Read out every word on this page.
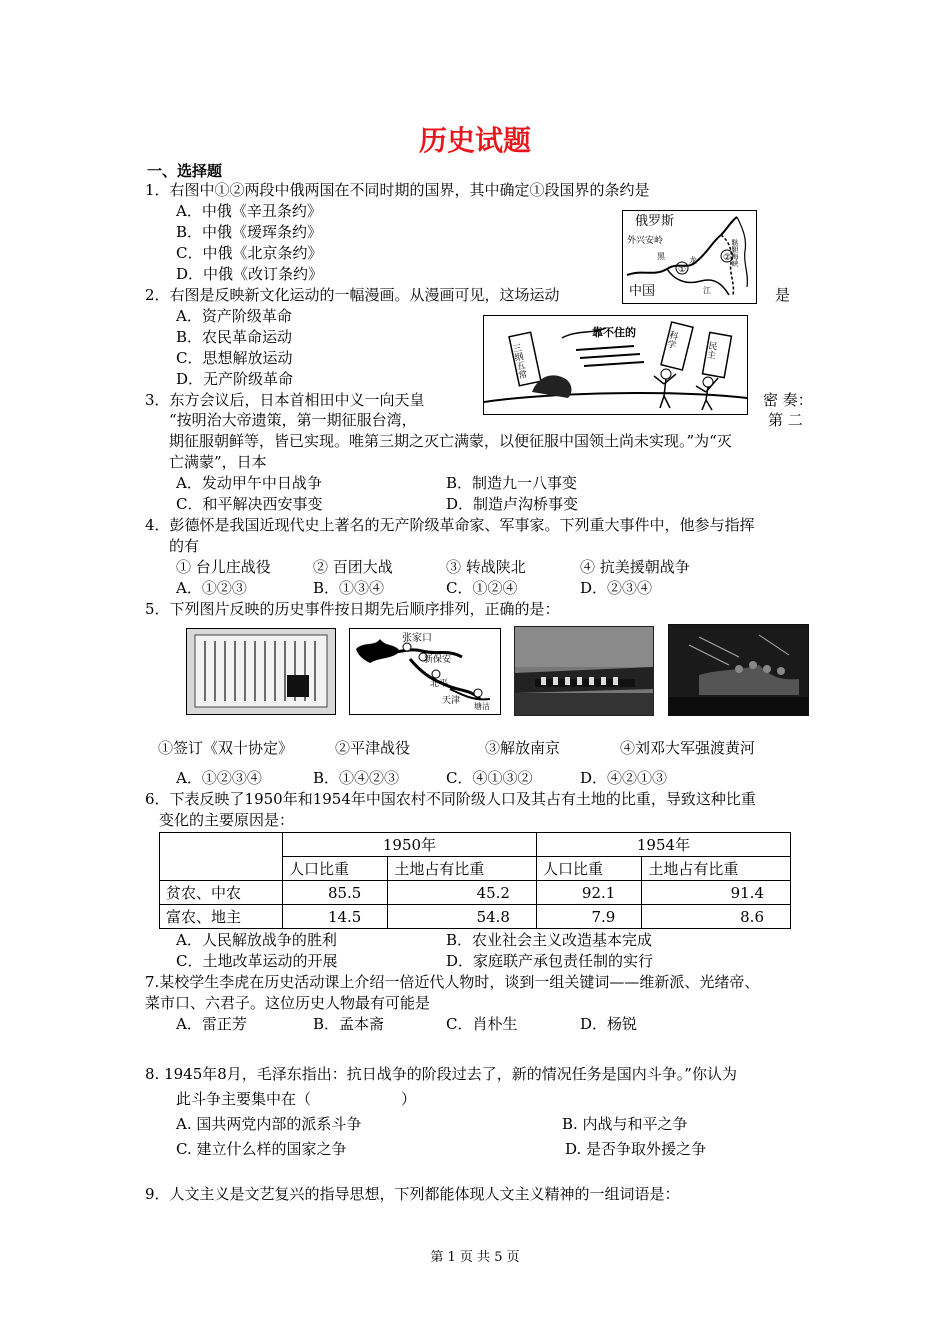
历史试题
一、选择题
1．右图中①②两段中俄两国在不同时期的国界，其中确定①段国界的条约是
A．中俄《辛丑条约》
B．中俄《瑷珲条约》
C．中俄《北京条约》
D．中俄《改订条约》
俄罗斯
外兴安岭
①
②
中国
黑	龙
江
鞑靼海峡
2．右图是反映新文化运动的一幅漫画。从漫画可见，这场运动	是
A．资产阶级革命
B．农民革命运动
C．思想解放运动
D．无产阶级革命	三纲五常
靠不住的	科学
民主
3．东方会议后，日本首相田中义一向天皇	密 奏：
“按明治大帝遗策，第一期征服台湾，	第 二
期征服朝鲜等，皆已实现。唯第三期之灭亡满蒙，以便征服中国领土尚未实现。”为“灭
亡满蒙”，日本
A．发动甲午中日战争	B．制造九一八事变
C．和平解决西安事变	D．制造卢沟桥事变
4．彭德怀是我国近现代史上著名的无产阶级革命家、军事家。下列重大事件中，他参与指挥
的有
① 台儿庄战役	② 百团大战	③ 转战陕北	④ 抗美援朝战争
A．①②③	B．①③④	C．①②④	D．②③④
5．下列图片反映的历史事件按日期先后顺序排列，正确的是：
张家口
新保安
北平
天津
塘沽
①签订《双十协定》	②平津战役	③解放南京	④刘邓大军强渡黄河
A．①②③④	B．①④②③	C．④①③②	D．④②①③
6．下表反映了1950年和1954年中国农村不同阶级人口及其占有土地的比重，导致这种比重
变化的主要原因是：
	1950年		1954年	
	人口比重	土地占有比重	人口比重	土地占有比重
贫农、中农	85.5	45.2	92.1	91.4
富农、地主	14.5	54.8	7.9	8.6
A．人民解放战争的胜利	B．农业社会主义改造基本完成
C．土地改革运动的开展	D．家庭联产承包责任制的实行
7.某校学生李虎在历史活动课上介绍一倍近代人物时，谈到一组关键词——维新派、光绪帝、
菜市口、六君子。这位历史人物最有可能是
A．雷正芳	B．孟本斋	C．肖朴生	D．杨锐
8. 1945年8月，毛泽东指出：抗日战争的阶段过去了，新的情况任务是国内斗争。”你认为
此斗争主要集中在（　　　　　　）
A. 国共两党内部的派系斗争	B. 内战与和平之争
C. 建立什么样的国家之争	D. 是否争取外援之争
9．人文主义是文艺复兴的指导思想，下列都能体现人文主义精神的一组词语是：
第 1 页 共 5 页
